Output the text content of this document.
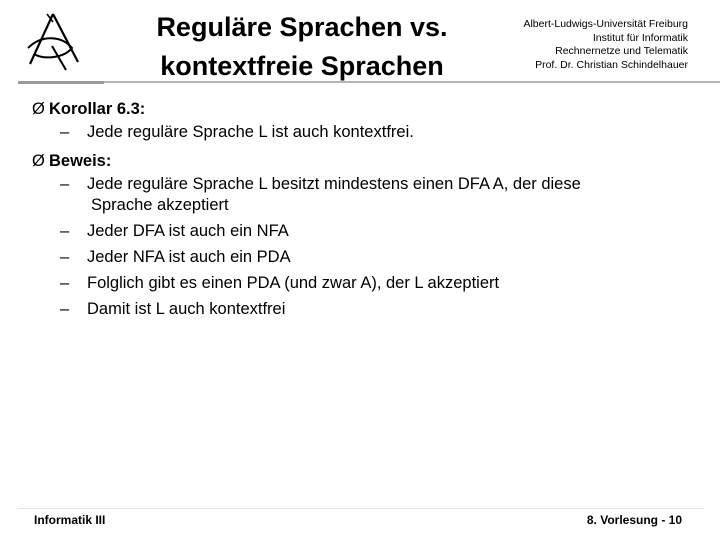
Reguläre Sprachen vs.
kontextfreie Sprachen
Albert-Ludwigs-Universität Freiburg
Institut für Informatik
Rechnernetze und Telematik
Prof. Dr. Christian Schindelhauer
Ø Korollar 6.3:
– Jede reguläre Sprache L ist auch kontextfrei.
Ø Beweis:
– Jede reguläre Sprache L besitzt mindestens einen DFA A, der diese
Sprache akzeptiert
– Jeder DFA ist auch ein NFA
– Jeder NFA ist auch ein PDA
– Folglich gibt es einen PDA (und zwar A), der L akzeptiert
– Damit ist L auch kontextfrei
Informatik III	8. Vorlesung - 10
